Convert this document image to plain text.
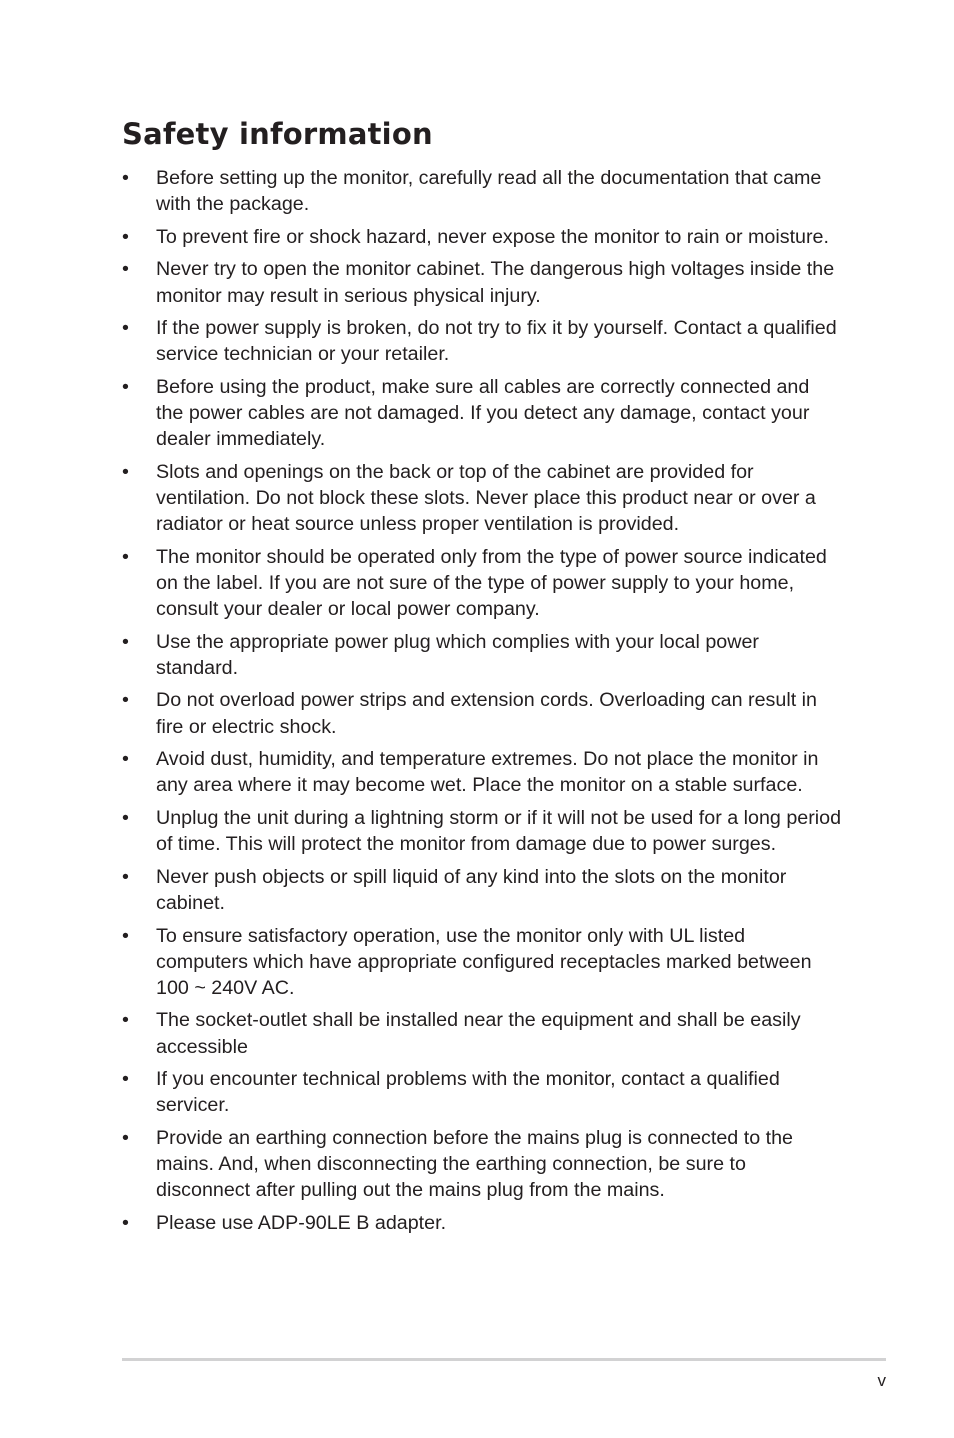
Safety information
•	Before setting up the monitor, carefully read all the documentation that came with the package.
•	To prevent fire or shock hazard, never expose the monitor to rain or moisture.
•	Never try to open the monitor cabinet. The dangerous high voltages inside the monitor may result in serious physical injury.
•	If the power supply is broken, do not try to fix it by yourself. Contact a qualified service technician or your retailer.
•	Before using the product, make sure all cables are correctly connected and the power cables are not damaged. If you detect any damage, contact your dealer immediately.
•	Slots and openings on the back or top of the cabinet are provided for ventilation. Do not block these slots. Never place this product near or over a radiator or heat source unless proper ventilation is provided.
•	The monitor should be operated only from the type of power source indicated on the label. If you are not sure of the type of power supply to your home, consult your dealer or local power company.
•	Use the appropriate power plug which complies with your local power standard.
•	Do not overload power strips and extension cords. Overloading can result in fire or electric shock.
•	Avoid dust, humidity, and temperature extremes. Do not place the monitor in any area where it may become wet. Place the monitor on a stable surface.
•	Unplug the unit during a lightning storm or if it will not be used for a long period of time. This will protect the monitor from damage due to power surges.
•	Never push objects or spill liquid of any kind into the slots on the monitor cabinet.
•	To ensure satisfactory operation, use the monitor only with UL listed computers which have appropriate configured receptacles marked between 100 ~ 240V AC.
•	The socket-outlet shall be installed near the equipment and shall be easily accessible
•	If you encounter technical problems with the monitor, contact a qualified servicer.
•	Provide an earthing connection before the mains plug is connected to the mains. And, when disconnecting the earthing connection, be sure to disconnect after pulling out the mains plug from the mains.
•	Please use ADP-90LE B adapter.
v
